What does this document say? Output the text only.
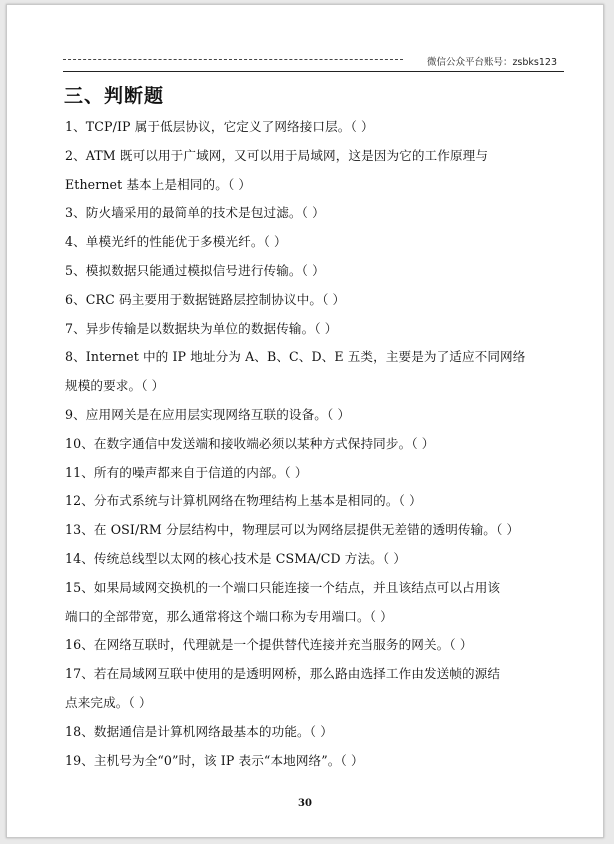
微信公众平台账号：zsbks123
三、判断题
1、TCP/IP 属于低层协议，它定义了网络接口层。（ ）
2、ATM 既可以用于广域网，又可以用于局域网，这是因为它的工作原理与
Ethernet 基本上是相同的。（ ）
3、防火墙采用的最简单的技术是包过滤。（ ）
4、单模光纤的性能优于多模光纤。（ ）
5、模拟数据只能通过模拟信号进行传输。（ ）
6、CRC 码主要用于数据链路层控制协议中。（ ）
7、异步传输是以数据块为单位的数据传输。（ ）
8、Internet 中的 IP 地址分为 A、B、C、D、E 五类，主要是为了适应不同网络
规模的要求。（ ）
9、应用网关是在应用层实现网络互联的设备。（ ）
10、在数字通信中发送端和接收端必须以某种方式保持同步。（ ）
11、所有的噪声都来自于信道的内部。（ ）
12、分布式系统与计算机网络在物理结构上基本是相同的。（ ）
13、在 OSI/RM 分层结构中，物理层可以为网络层提供无差错的透明传输。（ ）
14、传统总线型以太网的核心技术是 CSMA/CD 方法。（ ）
15、如果局域网交换机的一个端口只能连接一个结点，并且该结点可以占用该
端口的全部带宽，那么通常将这个端口称为专用端口。（ ）
16、在网络互联时，代理就是一个提供替代连接并充当服务的网关。（ ）
17、若在局域网互联中使用的是透明网桥，那么路由选择工作由发送帧的源结
点来完成。（ ）
18、数据通信是计算机网络最基本的功能。（ ）
19、主机号为全“0”时，该 IP 表示“本地网络”。（ ）
30
